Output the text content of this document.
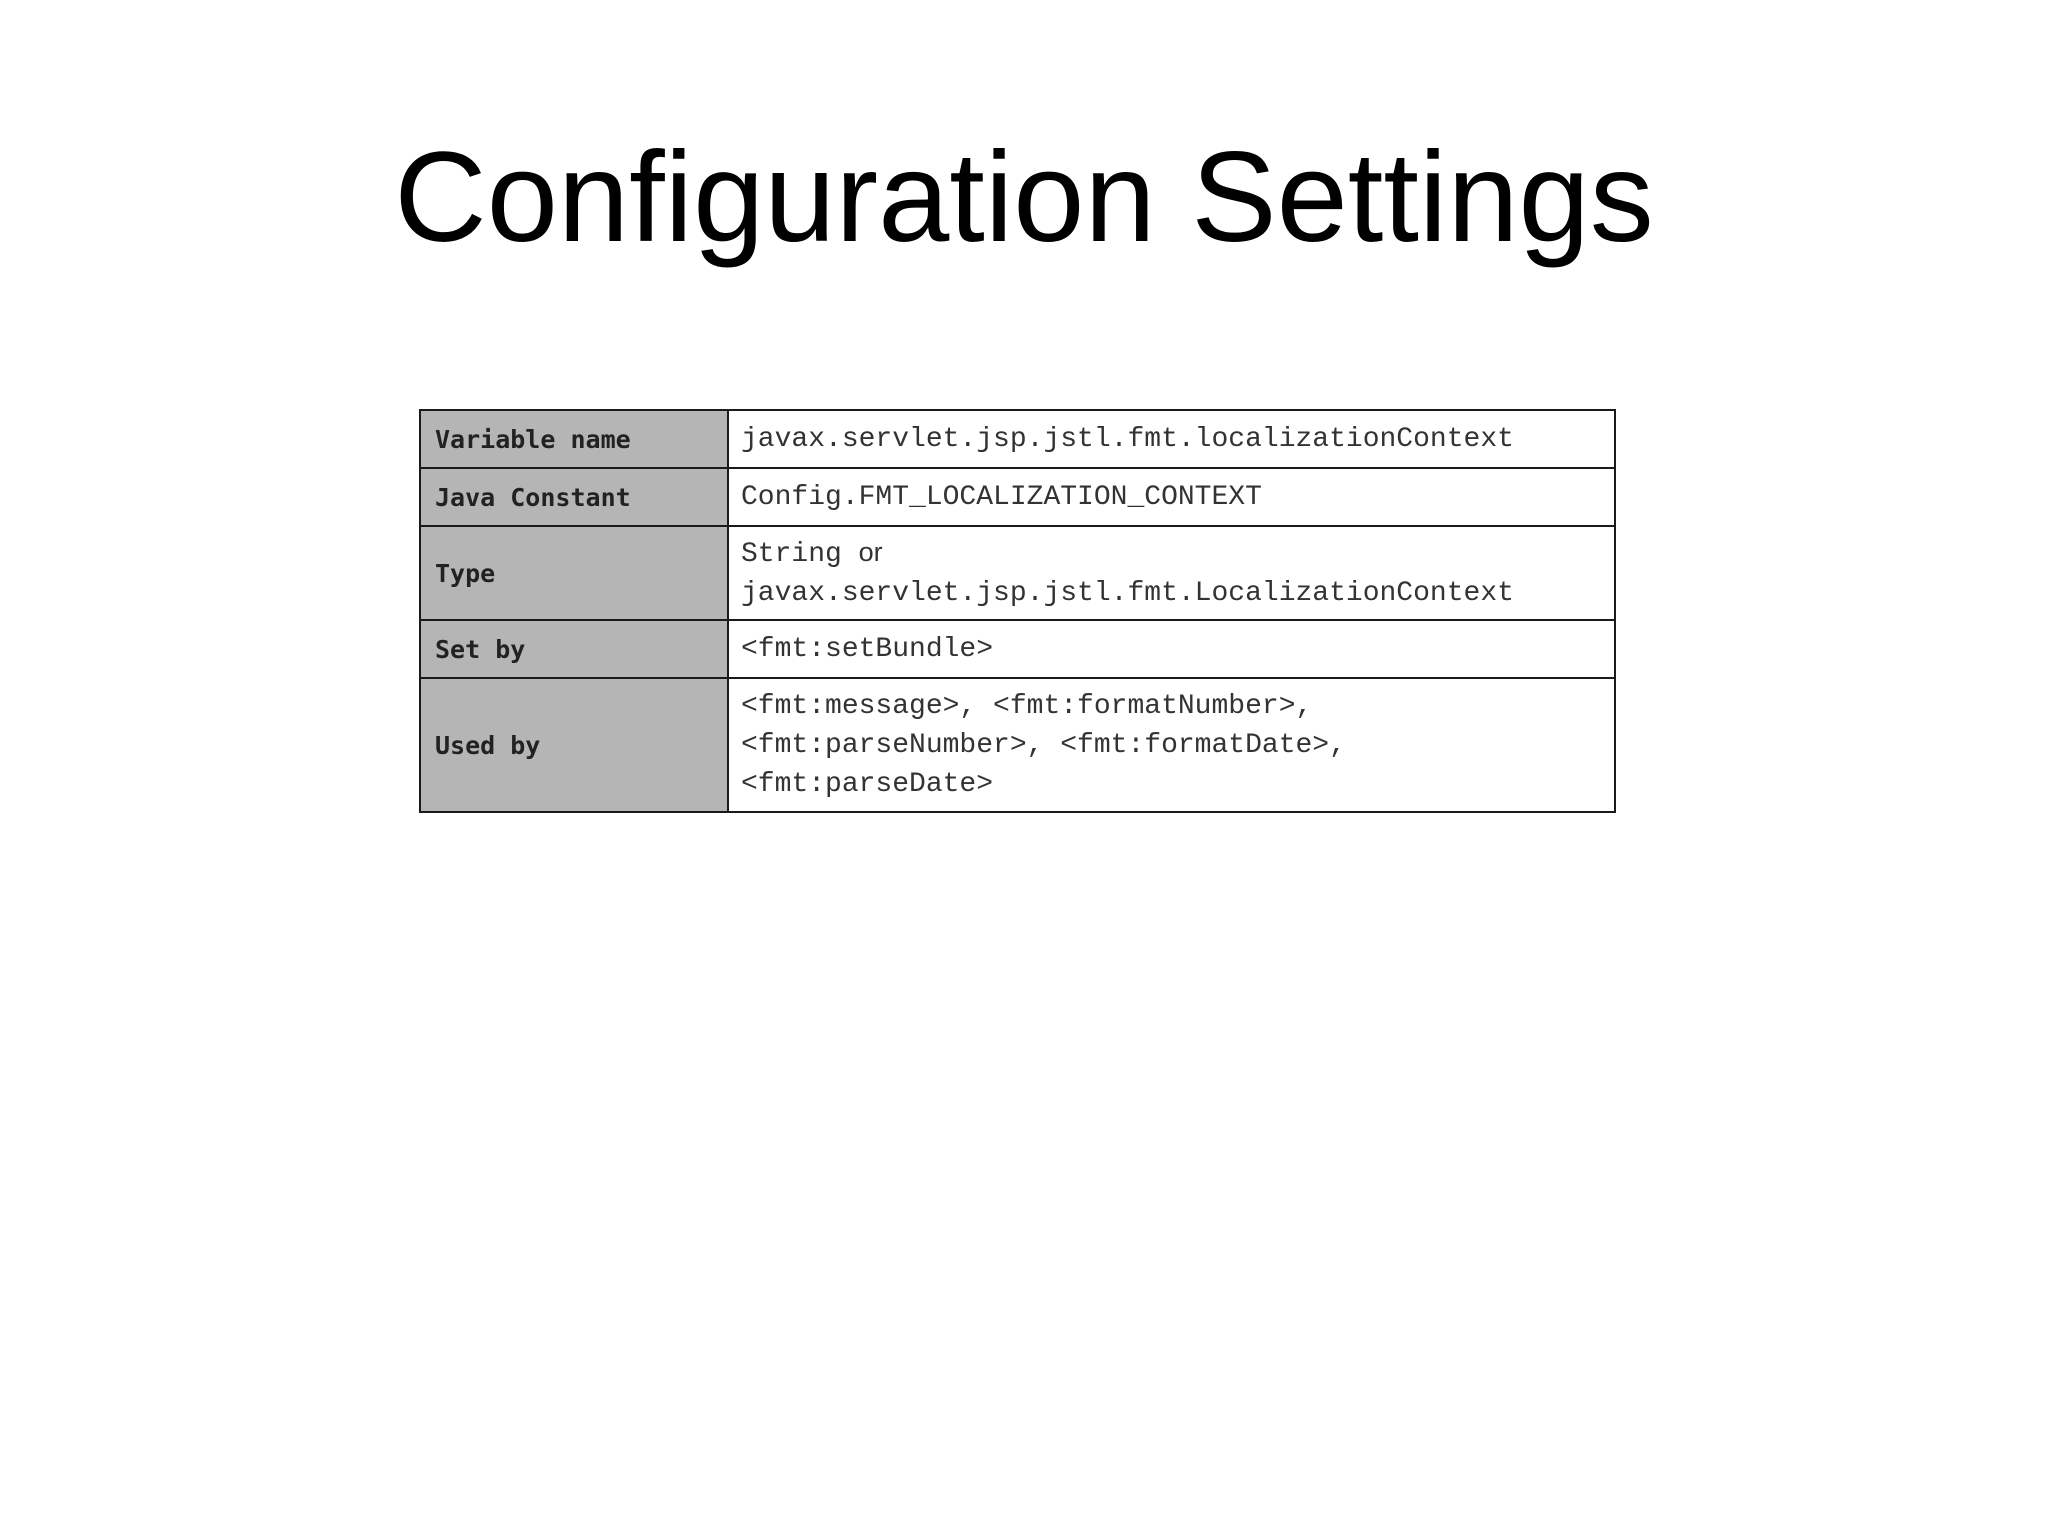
Configuration Settings
Variable name	javax.servlet.jsp.jstl.fmt.localizationContext

Java Constant	Config.FMT_LOCALIZATION_CONTEXT

Type	String or
javax.servlet.jsp.jstl.fmt.LocalizationContext

Set by	<fmt:setBundle>

Used by	<fmt:message>, <fmt:formatNumber>,
<fmt:parseNumber>, <fmt:formatDate>,
<fmt:parseDate>
